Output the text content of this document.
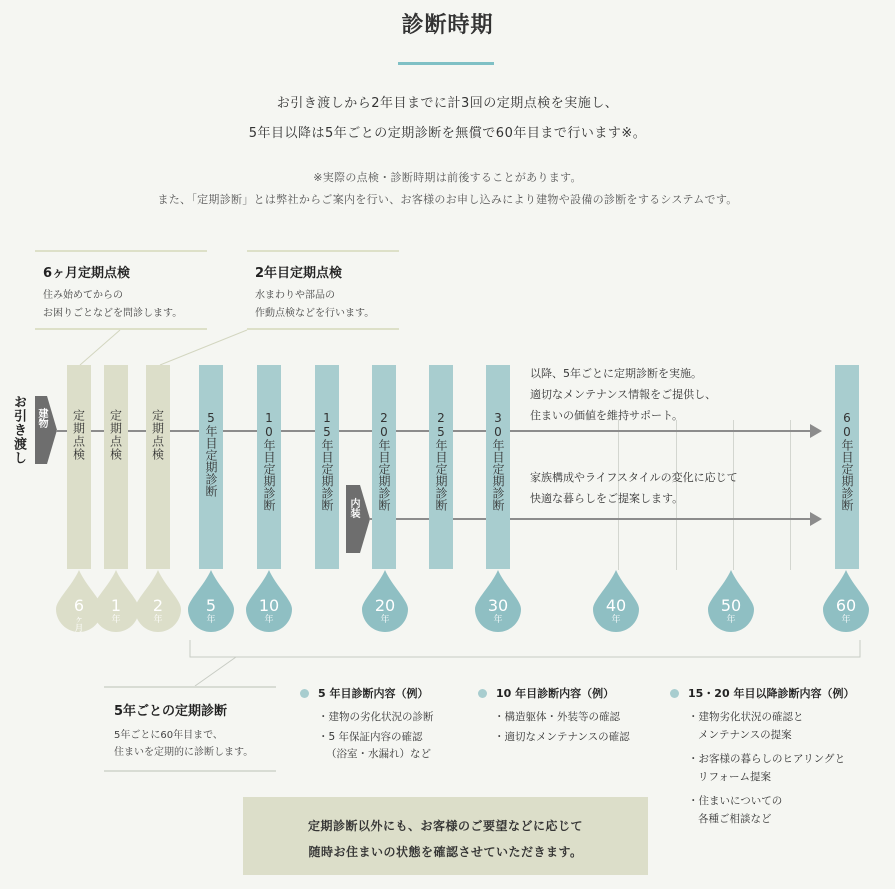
診断時期
お引き渡しから2年目までに計3回の定期点検を実施し、
5年目以降は5年ごとの定期診断を無償で60年目まで行います※。
※実際の点検・診断時期は前後することがあります。
また、「定期診断」とは弊社からご案内を行い、お客様のお申し込みにより建物や設備の診断をするシステムです。
6ヶ月定期点検
住み始めてからの
お困りごとなどを問診します。
2年目定期点検
水まわりや部品の
作動点検などを行います。
お引き渡し 建物	定期点検	定期点検	定期点検	5年目定期診断	10年目定期診断	15年目定期診断	20年目定期診断	25年目定期診断	30年目定期診断	60年目定期診断
内装
以降、5年ごとに定期診断を実施。
適切なメンテナンス情報をご提供し、
住まいの価値を維持サポート。
家族構成やライフスタイルの変化に応じて
快適な暮らしをご提案します。
6
ヶ
月
1
年
2
年
5
年
10
年
20
年
30
年
40
年
50
年
60
年
5年ごとの定期診断
5年ごとに60年目まで、
住まいを定期的に診断します。
5 年目診断内容（例）
・建物の劣化状況の診断
・5 年保証内容の確認
（浴室・水漏れ）など
10 年目診断内容（例）
・構造躯体・外装等の確認
・適切なメンテナンスの確認
15・20 年目以降診断内容（例）
・建物劣化状況の確認と
メンテナンスの提案
・お客様の暮らしのヒアリングと
リフォーム提案
・住まいについての
各種ご相談など
定期診断以外にも、お客様のご要望などに応じて
随時お住まいの状態を確認させていただきます。
